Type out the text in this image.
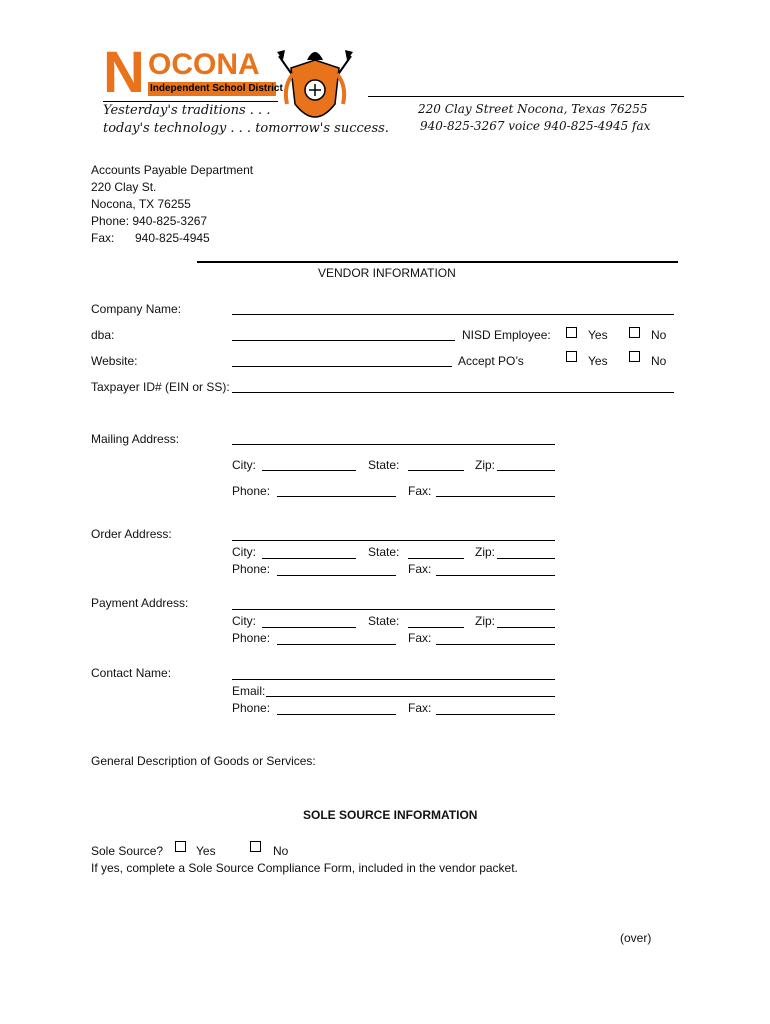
N OCONA
Independent School District
Yesterday's traditions . . .
today's technology . . . tomorrow's success.
220 Clay Street Nocona, Texas 76255
940-825-3267 voice 940-825-4945 fax
Accounts Payable Department
220 Clay St.
Nocona, TX 76255
Phone: 940-825-3267
Fax: 940-825-4945
VENDOR INFORMATION
Company Name:
dba:	NISD Employee:	Yes	No
Website:	Accept PO’s	Yes	No
Taxpayer ID# (EIN or SS):
Mailing Address:
City:	State:	Zip:
Phone:	Fax:
Order Address:
City:	State:	Zip:
Phone:	Fax:
Payment Address:
City:	State:	Zip:
Phone:	Fax:
Contact Name:
Email:
Phone:	Fax:
General Description of Goods or Services:
SOLE SOURCE INFORMATION
Sole Source?	Yes	No
If yes, complete a Sole Source Compliance Form, included in the vendor packet.
(over)
